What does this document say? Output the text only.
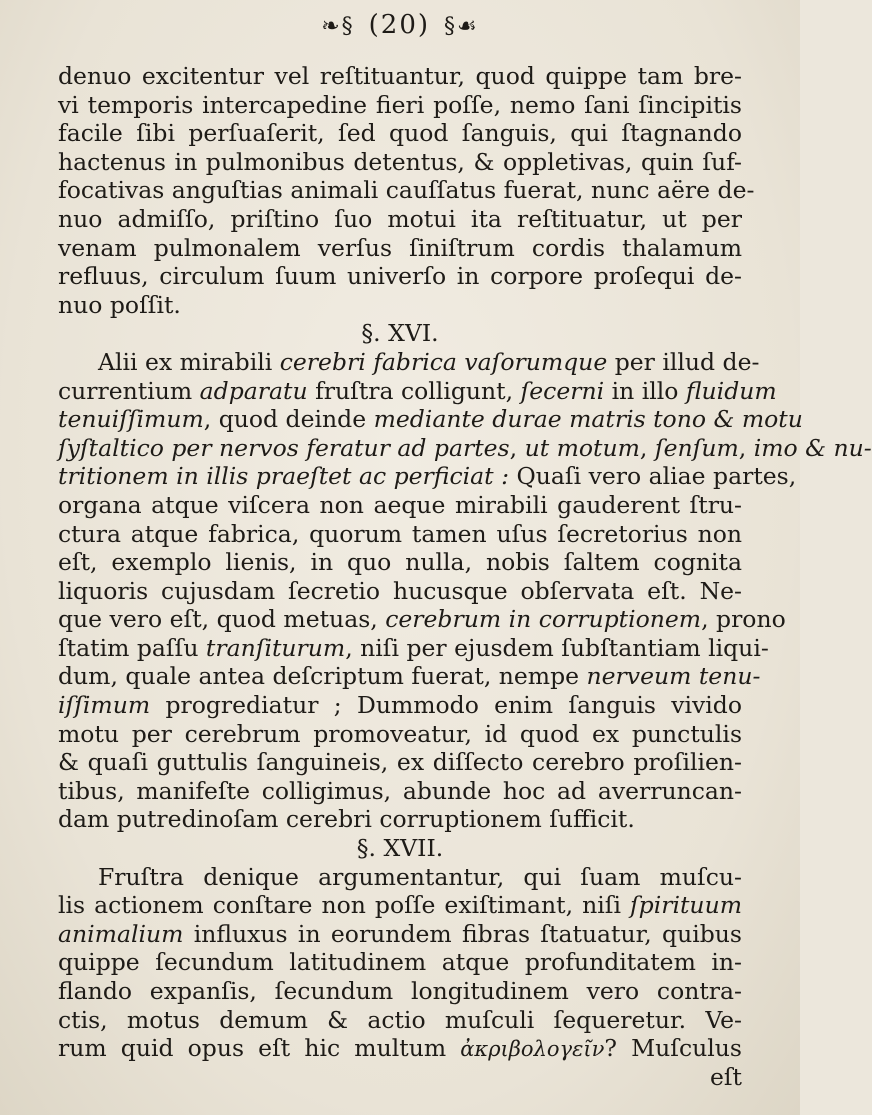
❧§ (20) §☙
denuo excitentur vel reſtituantur, quod quippe tam bre-
vi temporis intercapedine fieri poſſe, nemo ſani ſincipitis
facile ſibi perſuaſerit, ſed quod ſanguis, qui ſtagnando
hactenus in pulmonibus detentus, & oppletivas, quin ſuf-
focativas anguſtias animali cauſſatus fuerat, nunc aëre de-
nuo admiſſo, priſtino ſuo motui ita reſtituatur, ut per
venam pulmonalem verſus ſiniſtrum cordis thalamum
refluus, circulum ſuum univerſo in corpore proſequi de-
nuo poſſit.
§. XVI.
Alii ex mirabili cerebri fabrica vaſorumque per illud de-
currentium adparatu fruſtra colligunt, ſecerni in illo fluidum
tenuiſſimum, quod deinde mediante durae matris tono & motu
ſyſtaltico per nervos feratur ad partes, ut motum, ſenſum, imo & nu-
tritionem in illis praeſtet ac perficiat : Quaſi vero aliae partes,
organa atque viſcera non aeque mirabili gauderent ſtru-
ctura atque fabrica, quorum tamen uſus ſecretorius non
eſt, exemplo lienis, in quo nulla, nobis ſaltem cognita
liquoris cujusdam ſecretio hucusque obſervata eſt. Ne-
que vero eſt, quod metuas, cerebrum in corruptionem, prono
ſtatim paſſu tranſiturum, niſi per ejusdem ſubſtantiam liqui-
dum, quale antea deſcriptum fuerat, nempe nerveum tenu-
iſſimum progrediatur ; Dummodo enim ſanguis vivido
motu per cerebrum promoveatur, id quod ex punctulis
& quaſi guttulis ſanguineis, ex diſſecto cerebro proſilien-
tibus, manifeſte colligimus, abunde hoc ad averruncan-
dam putredinoſam cerebri corruptionem ſufficit.
§. XVII.
Fruſtra denique argumentantur, qui ſuam muſcu-
lis actionem conſtare non poſſe exiſtimant, niſi ſpirituum
animalium influxus in eorundem fibras ſtatuatur, quibus
quippe ſecundum latitudinem atque profunditatem in-
flando expanſis, ſecundum longitudinem vero contra-
ctis, motus demum & actio muſculi ſequeretur. Ve-
rum quid opus eſt hic multum ἀκριβολογεῖν? Muſculus
eſt
